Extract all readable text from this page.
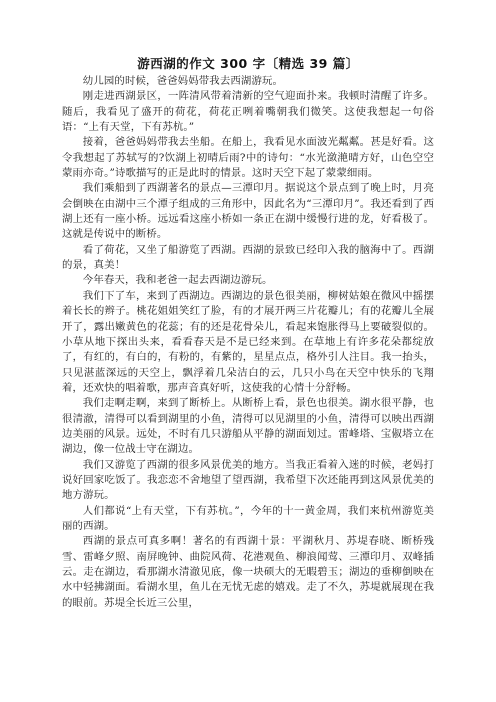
游西湖的作文 300 字〔精选 39 篇〕

幼儿园的时候，爸爸妈妈带我去西湖游玩。

刚走进西湖景区，一阵清风带着清新的空气迎面扑来。我顿时清醒了许多。随后，我看见了盛开的荷花，荷花正咧着嘴朝我们微笑。这使我想起一句俗语：“上有天堂，下有苏杭。”

接着，爸爸妈妈带我去坐船。在船上，我看见水面波光粼粼。甚是好看。这令我想起了苏轼写的?饮湖上初晴后雨?中的诗句：“水光潋滟晴方好，山色空空蒙雨亦奇。”诗歌描写的正是此时的情景。这时天空下起了蒙蒙细雨。

我们乘船到了西湖著名的景点—三潭印月。据说这个景点到了晚上时，月亮会倒映在由湖中三个潭子组成的三角形中，因此名为“三潭印月”。我还看到了西湖上还有一座小桥。远远看这座小桥如一条正在湖中缓慢行进的龙，好看极了。这就是传说中的断桥。

看了荷花，又坐了船游览了西湖。西湖的景致已经印入我的脑海中了。西湖的景，真美！

今年春天，我和老爸一起去西湖边游玩。

我们下了车，来到了西湖边。西湖边的景色很美丽，柳树姑娘在微风中摇摆着长长的辫子。桃花姐姐笑红了脸，有的才展开两三片花瓣儿；有的花瓣儿全展开了，露出嫩黄色的花蕊；有的还是花骨朵儿，看起来饱胀得马上要破裂似的。小草从地下探出头来，看看春天是不是已经来到。在草地上有许多花朵都绽放了，有红的，有白的，有粉的，有紫的，星星点点，格外引人注目。我一抬头，只见湛蓝深远的天空上，飘浮着几朵洁白的云，几只小鸟在天空中快乐的飞翔着，还欢快的唱着歌，那声音真好听，这使我的心情十分舒畅。

我们走啊走啊，来到了断桥上。从断桥上看，景色也很美。湖水很平静，也很清澈，清得可以看到湖里的小鱼，清得可以见湖里的小鱼，清得可以映出西湖边美丽的风景。远处，不时有几只游船从平静的湖面划过。雷峰塔、宝俶塔立在湖边，像一位战士守在湖边。

我们又游览了西湖的很多风景优美的地方。当我正看着入迷的时候，老妈打　说好回家吃饭了。我恋恋不舍地望了望西湖，我希望下次还能再到这风景优美的地方游玩。

人们都说“上有天堂，下有苏杭。”，今年的十一黄金周，我们来杭州游览美丽的西湖。

西湖的景点可真多啊！著名的有西湖十景：平湖秋月、苏堤春晓、断桥残雪、雷峰夕照、南屏晚钟、曲院风荷、花港观鱼、柳浪闻莺、三潭印月、双峰插云。走在湖边，看那湖水清澈见底，像一块硕大的无暇碧玉；湖边的垂柳倒映在水中轻拂湖面。看湖水里，鱼儿在无忧无虑的嬉戏。走了不久，苏堤就展现在我的眼前。苏堤全长近三公里，
